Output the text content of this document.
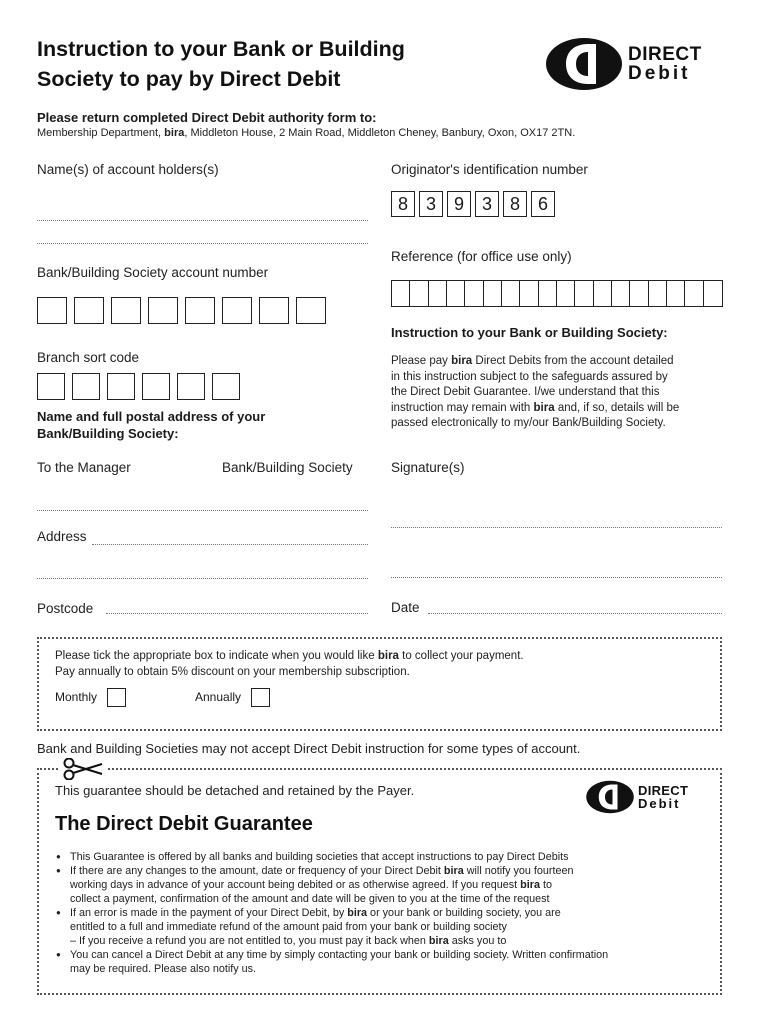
Instruction to your Bank or Building
Society to pay by Direct Debit
DIRECT
Debit
Please return completed Direct Debit authority form to:
Membership Department, bira, Middleton House, 2 Main Road, Middleton Cheney, Banbury, Oxon, OX17 2TN.
Name(s) of account holders(s)
Bank/Building Society account number
Branch sort code
Name and full postal address of your
Bank/Building Society:
To the Manager	Bank/Building Society
Address
Postcode
Originator's identification number
8 3 9 3 8 6
Reference (for office use only)
Instruction to your Bank or Building Society:
Please pay bira Direct Debits from the account detailed
in this instruction subject to the safeguards assured by
the Direct Debit Guarantee. I/we understand that this
instruction may remain with bira and, if so, details will be
passed electronically to my/our Bank/Building Society.
Signature(s)
Date
Please tick the appropriate box to indicate when you would like bira to collect your payment.
Pay annually to obtain 5% discount on your membership subscription.
Monthly	Annually
Bank and Building Societies may not accept Direct Debit instruction for some types of account.
This guarantee should be detached and retained by the Payer.	DIRECT
Debit
The Direct Debit Guarantee
● This Guarantee is offered by all banks and building societies that accept instructions to pay Direct Debits
● If there are any changes to the amount, date or frequency of your Direct Debit bira will notify you fourteen
working days in advance of your account being debited or as otherwise agreed. If you request bira to
collect a payment, confirmation of the amount and date will be given to you at the time of the request
● If an error is made in the payment of your Direct Debit, by bira or your bank or building society, you are
entitled to a full and immediate refund of the amount paid from your bank or building society
– If you receive a refund you are not entitled to, you must pay it back when bira asks you to
● You can cancel a Direct Debit at any time by simply contacting your bank or building society. Written confirmation
may be required. Please also notify us.
